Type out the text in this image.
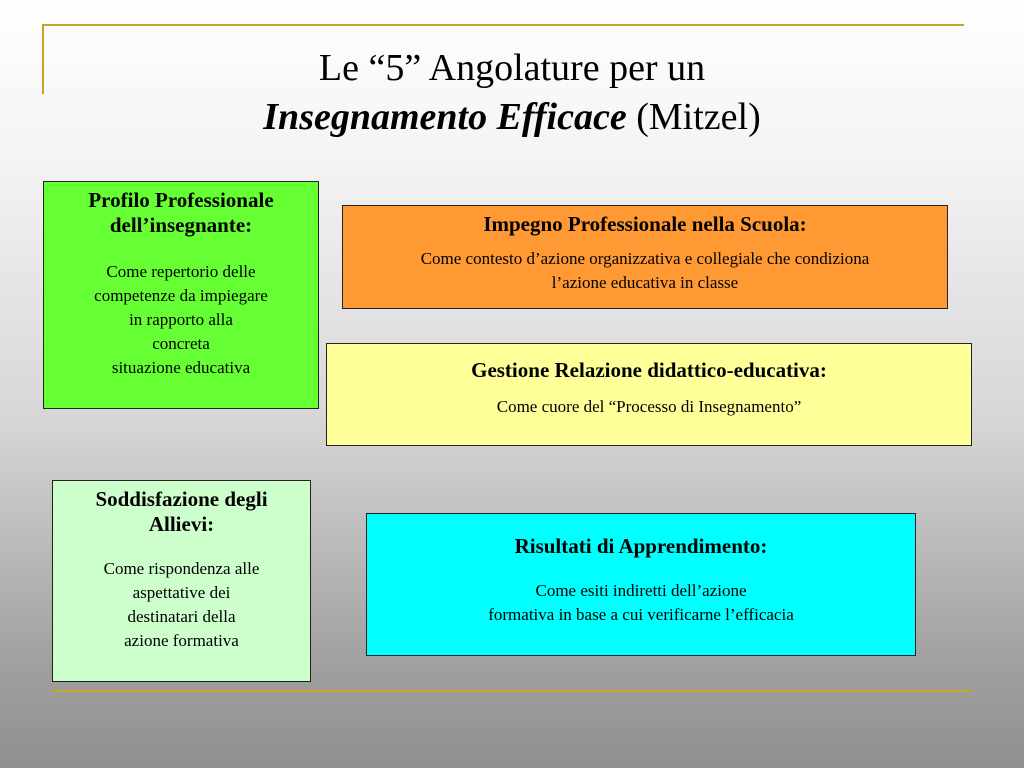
Le “5” Angolature per un
Insegnamento Efficace (Mitzel)
Profilo Professionale dell’insegnante:
Come repertorio delle
competenze da impiegare
in rapporto alla
concreta
situazione educativa
Impegno Professionale nella Scuola:
Come contesto d’azione organizzativa e collegiale che condiziona
l’azione educativa in classe
Gestione Relazione didattico-educativa:
Come cuore del “Processo di Insegnamento”
Soddisfazione degli Allievi:
Come rispondenza alle
aspettative dei
destinatari della
azione formativa
Risultati di Apprendimento:
Come esiti indiretti dell’azione
formativa in base a cui verificarne l’efficacia
